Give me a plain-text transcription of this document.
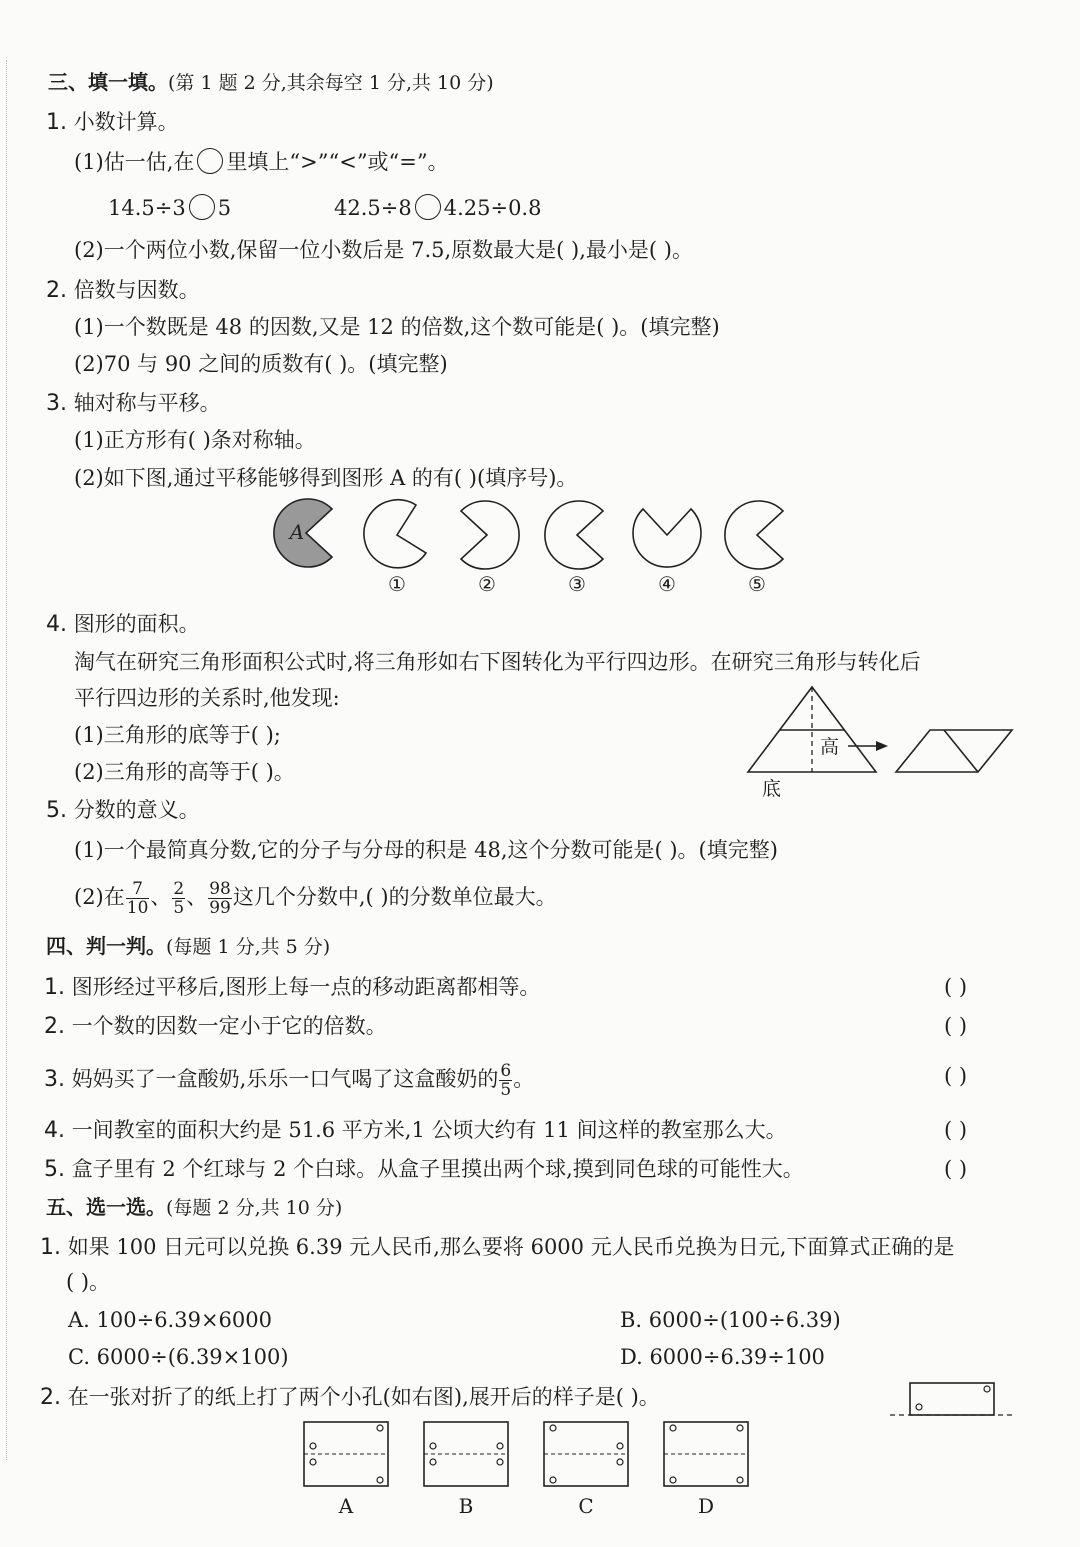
三、填一填。(第 1 题 2 分,其余每空 1 分,共 10 分)
1. 小数计算。
(1)估一估,在 里填上“>”“<”或“=”。
14.5÷3 5	42.5÷8 4.25÷0.8
(2)一个两位小数,保留一位小数后是 7.5,原数最大是( ),最小是( )。
2. 倍数与因数。
(1)一个数既是 48 的因数,又是 12 的倍数,这个数可能是( )。(填完整)
(2)70 与 90 之间的质数有( )。(填完整)
3. 轴对称与平移。
(1)正方形有( )条对称轴。
(2)如下图,通过平移能够得到图形 A 的有( )(填序号)。
A
①	②	③	④	⑤
4. 图形的面积。
淘气在研究三角形面积公式时,将三角形如右下图转化为平行四边形。在研究三角形与转化后
平行四边形的关系时,他发现:
(1)三角形的底等于( );
(2)三角形的高等于( )。
高
底
5. 分数的意义。
(1)一个最简真分数,它的分子与分母的积是 48,这个分数可能是( )。(填完整)
(2)在 $\frac{7}{10}$ 、 $\frac{2}{5}$ 、 $\frac{98}{99}$ 这几个分数中,( )的分数单位最大。
四、判一判。(每题 1 分,共 5 分)
1. 图形经过平移后,图形上每一点的移动距离都相等。	( )
2. 一个数的因数一定小于它的倍数。	( )
3. 妈妈买了一盒酸奶,乐乐一口气喝了这盒酸奶的 $\frac{6}{5}$ 。	( )
4. 一间教室的面积大约是 51.6 平方米,1 公顷大约有 11 间这样的教室那么大。	( )
5. 盒子里有 2 个红球与 2 个白球。从盒子里摸出两个球,摸到同色球的可能性大。	( )
五、选一选。(每题 2 分,共 10 分)
1. 如果 100 日元可以兑换 6.39 元人民币,那么要将 6000 元人民币兑换为日元,下面算式正确的是
( )。
A. 100÷6.39×6000	B. 6000÷(100÷6.39)
C. 6000÷(6.39×100)	D. 6000÷6.39÷100
2. 在一张对折了的纸上打了两个小孔(如右图),展开后的样子是( )。
A	B	C	D
